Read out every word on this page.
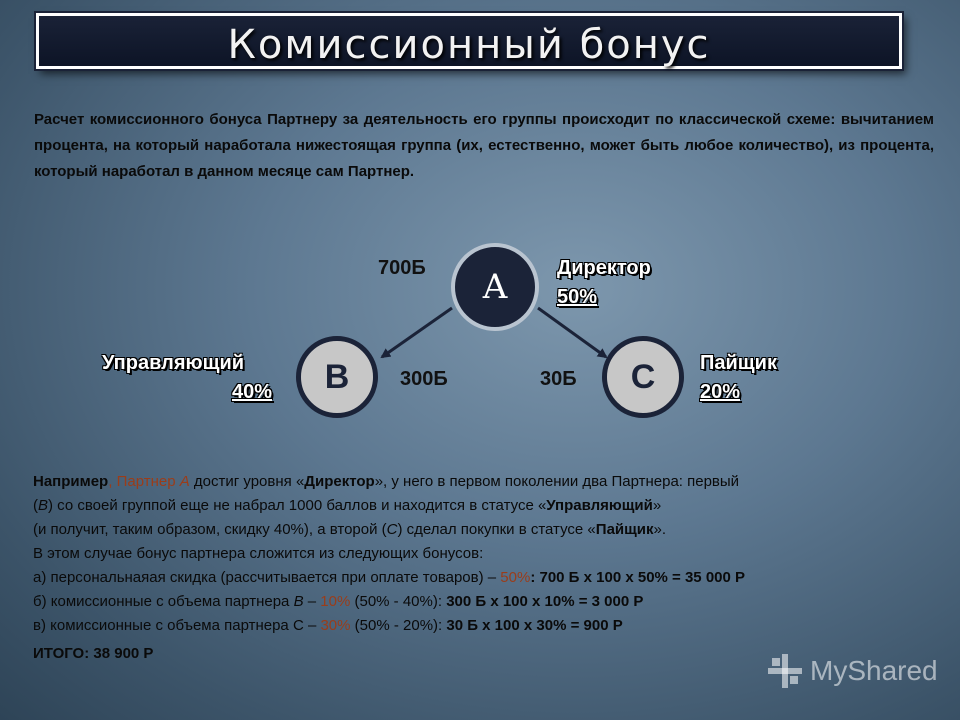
Комиссионный бонус
Расчет комиссионного бонуса Партнеру за деятельность его группы происходит по классической схеме: вычитанием процента, на который наработала нижестоящая группа (их, естественно, может быть любое количество), из процента, который наработал в данном месяце сам Партнер.
A
B	C
700Б	Директор
50%
Управляющий
40%
300Б	30Б
Пайщик
20%
Например, Партнер A достиг уровня «Директор», у него в первом поколении два Партнера: первый
(B) со своей группой еще не набрал 1000 баллов и находится в статусе «Управляющий»
(и получит, таким образом, скидку 40%), а второй (C) сделал покупки в статусе «Пайщик».
В этом случае бонус партнера сложится из следующих бонусов:
а) персональнаяая скидка (рассчитывается при оплате товаров) – 50%: 700 Б х 100 х 50% = 35 000 Р
б) комиссионные с объема партнера B – 10% (50% - 40%): 300 Б х 100 х 10% = 3 000 Р
в) комиссионные с объема партнера С – 30% (50% - 20%): 30 Б х 100 х 30% = 900 Р
ИТОГО: 38 900 Р
MyShared
